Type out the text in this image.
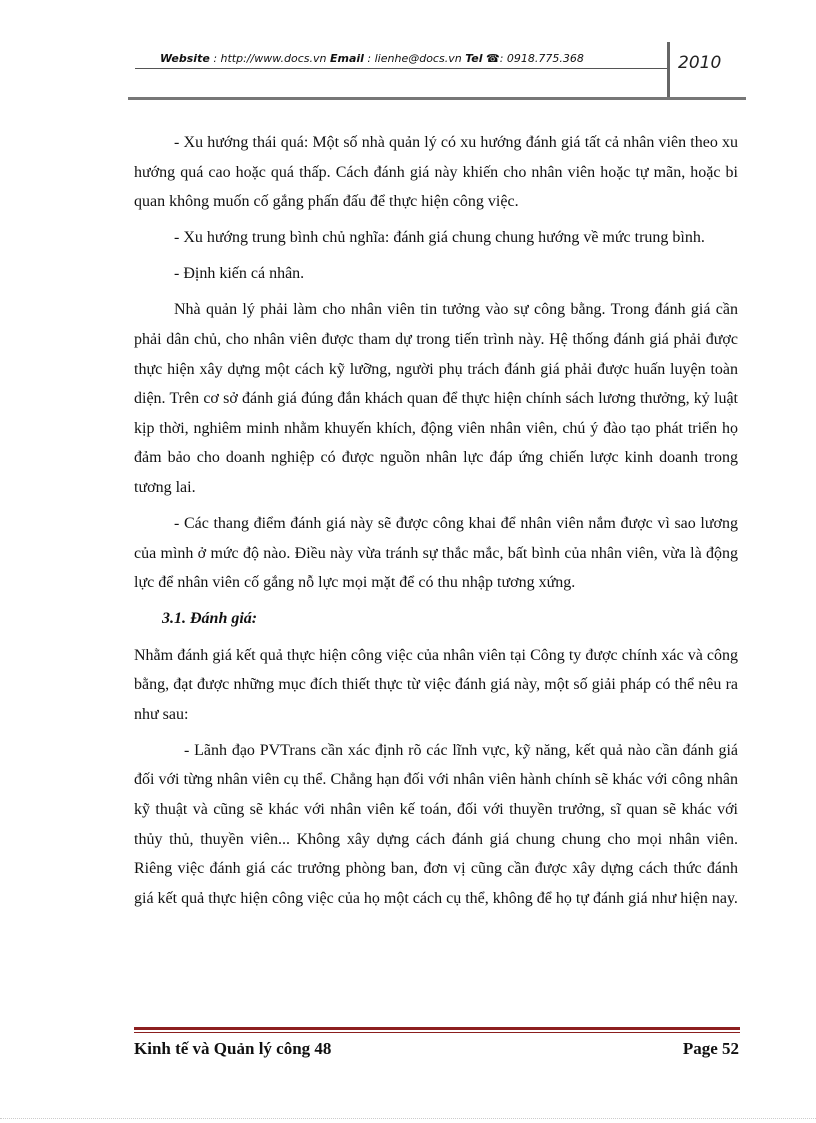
Website : http://www.docs.vn Email : lienhe@docs.vn Tel ☎: 0918.775.368	2010

- Xu hướng thái quá: Một số nhà quản lý có xu hướng đánh giá tất cả nhân viên theo xu hướng quá cao hoặc quá thấp. Cách đánh giá này khiến cho nhân viên hoặc tự mãn, hoặc bi quan không muốn cố gắng phấn đấu để thực hiện công việc.

- Xu hướng trung bình chủ nghĩa: đánh giá chung chung hướng về mức trung bình.

- Định kiến cá nhân.

Nhà quản lý phải làm cho nhân viên tin tưởng vào sự công bằng. Trong đánh giá cần phải dân chủ, cho nhân viên được tham dự trong tiến trình này. Hệ thống đánh giá phải được thực hiện xây dựng một cách kỹ lưỡng, người phụ trách đánh giá phải được huấn luyện toàn diện. Trên cơ sở đánh giá đúng đắn khách quan để thực hiện chính sách lương thưởng, kỷ luật kịp thời, nghiêm minh nhằm khuyến khích, động viên nhân viên, chú ý đào tạo phát triển họ đảm bảo cho doanh nghiệp có được nguồn nhân lực đáp ứng chiến lược kinh doanh trong tương lai.

- Các thang điểm đánh giá này sẽ được công khai để nhân viên nắm được vì sao lương của mình ở mức độ nào. Điều này vừa tránh sự thắc mắc, bất bình của nhân viên, vừa là động lực để nhân viên cố gắng nỗ lực mọi mặt để có thu nhập tương xứng.

3.1. Đánh giá:

Nhằm đánh giá kết quả thực hiện công việc của nhân viên tại Công ty được chính xác và công bằng, đạt được những mục đích thiết thực từ việc đánh giá này, một số giải pháp có thể nêu ra như sau:

- Lãnh đạo PVTrans cần xác định rõ các lĩnh vực, kỹ năng, kết quả nào cần đánh giá đối với từng nhân viên cụ thể. Chẳng hạn đối với nhân viên hành chính sẽ khác với công nhân kỹ thuật và cũng sẽ khác với nhân viên kế toán, đối với thuyền trưởng, sĩ quan sẽ khác với thủy thủ, thuyền viên... Không xây dựng cách đánh giá chung chung cho mọi nhân viên. Riêng việc đánh giá các trưởng phòng ban, đơn vị cũng cần được xây dựng cách thức đánh giá kết quả thực hiện công việc của họ một cách cụ thể, không để họ tự đánh giá như hiện nay.

Kinh tế và Quản lý công 48	Page 52
